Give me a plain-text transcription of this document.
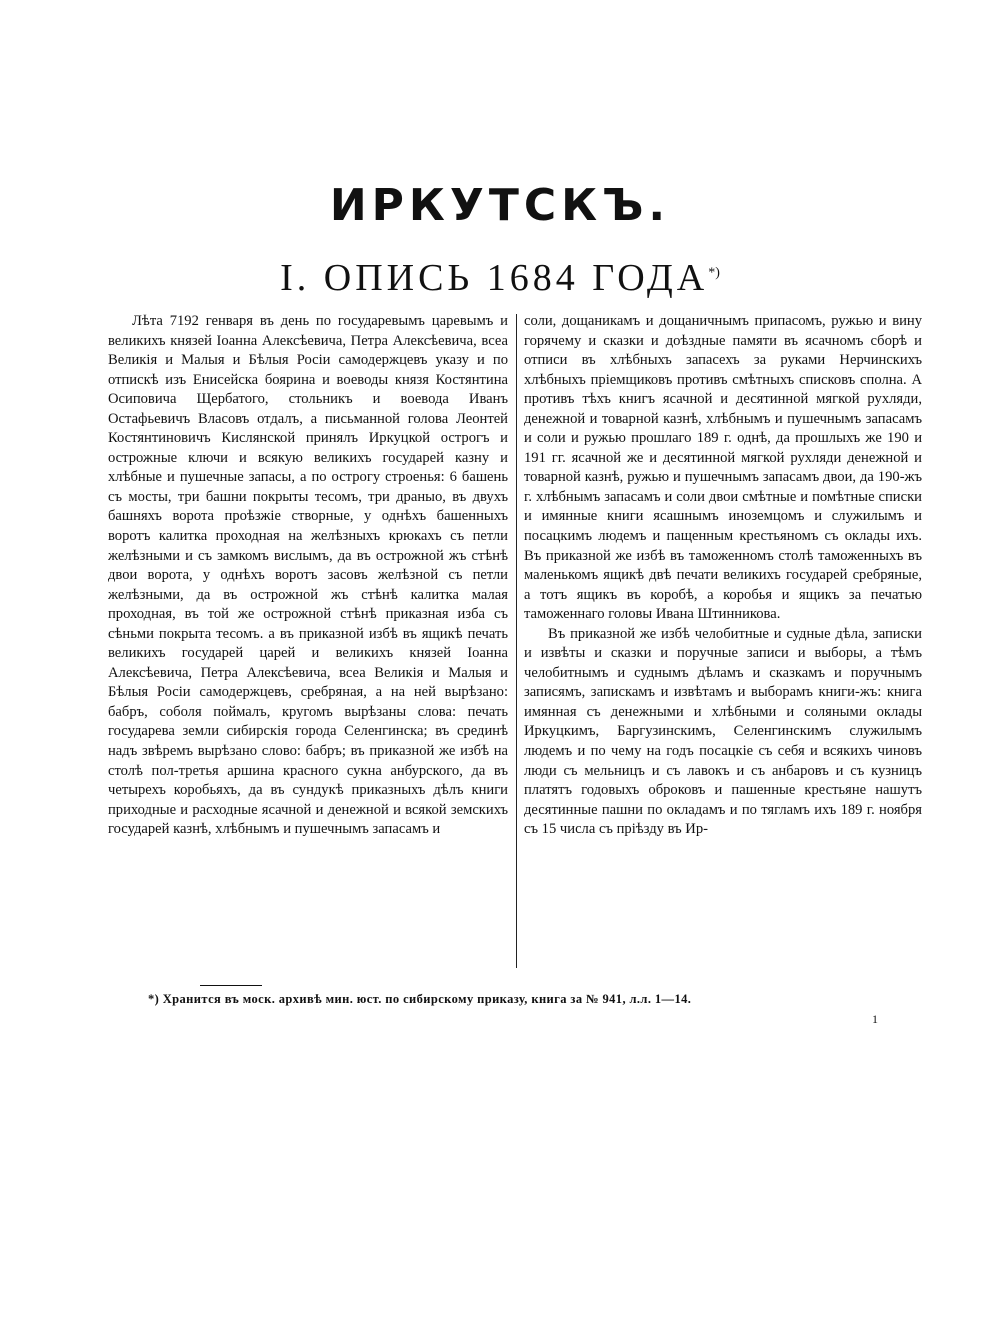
ИРКУТСКЪ.
I. ОПИСЬ 1684 ГОДА*)

Лѣта 7192 генваря въ день по государевымъ царевымъ и великихъ князей Іоанна Алексѣевича, Петра Алексѣевича, всеа Великія и Малыя и Бѣлыя Росіи самодержцевъ указу и по отпискѣ изъ Енисейска боярина и воеводы князя Костянтина Осиповича Щербатого, стольникъ и воевода Иванъ Остафьевичъ Власовъ отдалъ, а письманной голова Леонтей Костянтиновичъ Кислянской принялъ Иркуцкой острогъ и острожные ключи и всякую великихъ государей казну и хлѣбные и пушечные запасы, а по острогу строенья: 6 башень съ мосты, три башни покрыты тесомъ, три драныо, въ двухъ башняхъ ворота проѣзжіе створные, у однѣхъ башенныхъ воротъ калитка проходная на желѣзныхъ крюкахъ съ петли желѣзными и съ замкомъ вислымъ, да въ острожной жъ стѣнѣ двои ворота, у однѣхъ воротъ засовъ желѣзной съ петли желѣзными, да въ острожной жъ стѣнѣ калитка малая проходная, въ той же острожной стѣнѣ приказная изба съ сѣньми покрыта тесомъ. а въ приказной избѣ въ ящикѣ печать великихъ государей царей и великихъ князей Іоанна Алексѣевича, Петра Алексѣевича, всеа Великія и Малыя и Бѣлыя Росіи самодержцевъ, сребряная, а на ней вырѣзано: бабръ, соболя поймалъ, кругомъ вырѣзаны слова: печать государева земли сибирскія города Селенгинска; въ срединѣ надъ звѣремъ вырѣзано слово: бабръ; въ приказной же избѣ на столѣ пол-третья аршина красного сукна анбурского, да въ четырехъ коробьяхъ, да въ сундукѣ приказныхъ дѣлъ книги приходные и расходные ясачной и денежной и всякой земскихъ государей казнѣ, хлѣбнымъ и пушечнымъ запасамъ и

соли, дощаникамъ и дощаничнымъ припасомъ, ружью и вину горячему и сказки и доѣздные памяти въ ясачномъ сборѣ и отписи въ хлѣбныхъ запасехъ за руками Нерчинскихъ хлѣбныхъ пріемщиковъ противъ смѣтныхъ списковъ сполна. А противъ тѣхъ книгъ ясачной и десятинной мягкой рухляди, денежной и товарной казнѣ, хлѣбнымъ и пушечнымъ запасамъ и соли и ружью прошлаго 189 г. однѣ, да прошлыхъ же 190 и 191 гг. ясачной же и десятинной мягкой рухляди денежной и товарной казнѣ, ружью и пушечнымъ запасамъ двои, да 190-жъ г. хлѣбнымъ запасамъ и соли двои смѣтные и помѣтные списки и имянные книги ясашнымъ иноземцомъ и служилымъ и посацкимъ людемъ и пащенным крестьяномъ съ оклады ихъ. Въ приказной же избѣ въ таможенномъ столѣ таможенныхъ въ маленькомъ ящикѣ двѣ печати великихъ государей сребряные, а тотъ ящикъ въ коробѣ, а коробья и ящикъ за печатью таможеннаго головы Ивана Штинникова.

Въ приказной же избѣ челобитные и судные дѣла, записки и извѣты и сказки и поручные записи и выборы, а тѣмъ челобитнымъ и суднымъ дѣламъ и сказкамъ и поручнымъ записямъ, запискамъ и извѣтамъ и выборамъ книги-жъ: книга имянная съ денежными и хлѣбными и соляными оклады Иркуцкимъ, Баргузинскимъ, Селенгинскимъ служилымъ людемъ и по чему на годъ посацкіе съ себя и всякихъ чиновъ люди съ мельницъ и съ лавокъ и съ анбаровъ и съ кузницъ платятъ годовыхъ оброковъ и пашенные крестьяне нашутъ десятинные пашни по окладамъ и по тягламъ ихъ 189 г. ноября съ 15 числа съ пріѣзду въ Ир-

*) Хранится въ моск. архивѣ мин. юст. по сибирскому приказу, книга за № 941, л.л. 1—14.
1
